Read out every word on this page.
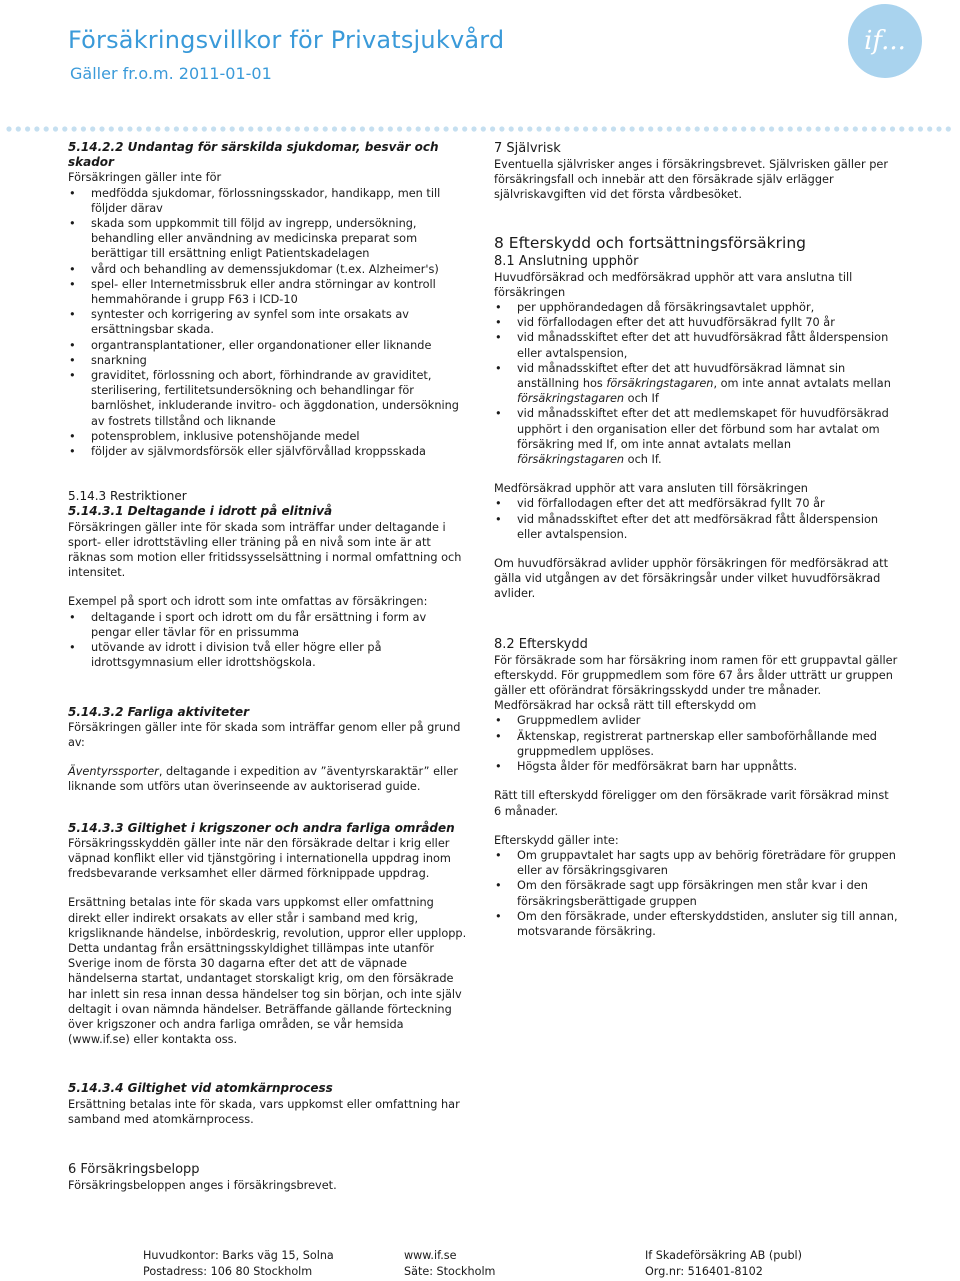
Försäkringsvillkor för Privatsjukvård
Gäller fr.o.m. 2011-01-01
if...

5.14.2.2 Undantag för särskilda sjukdomar, besvär och skador

Försäkringen gäller inte för

• medfödda sjukdomar, förlossningsskador, handikapp, men till följder därav
• skada som uppkommit till följd av ingrepp, undersökning, behandling eller användning av medicinska preparat som berättigar till ersättning enligt Patientskadelagen
• vård och behandling av demenssjukdomar (t.ex. Alzheimer's)
• spel- eller Internetmissbruk eller andra störningar av kontroll hemmahörande i grupp F63 i ICD-10
• syntester och korrigering av synfel som inte orsakats av ersättningsbar skada.
• organtransplantationer, eller organdonationer eller liknande
• snarkning
• graviditet, förlossning och abort, förhindrande av graviditet, sterilisering, fertilitetsundersökning och behandlingar för barnlöshet, inkluderande invitro- och äggdonation, undersökning av fostrets tillstånd och liknande
• potensproblem, inklusive potenshöjande medel
• följder av självmordsförsök eller självförvållad kroppsskada

5.14.3 Restriktioner

5.14.3.1 Deltagande i idrott på elitnivå

Försäkringen gäller inte för skada som inträffar under deltagande i sport- eller idrottstävling eller träning på en nivå som inte är att räknas som motion eller fritidssysselsättning i normal omfattning och intensitet.

Exempel på sport och idrott som inte omfattas av försäkringen:

• deltagande i sport och idrott om du får ersättning i form av pengar eller tävlar för en prissumma
• utövande av idrott i division två eller högre eller på idrottsgymnasium eller idrottshögskola.

5.14.3.2 Farliga aktiviteter

Försäkringen gäller inte för skada som inträffar genom eller på grund av:

Äventyrssporter, deltagande i expedition av ”äventyrskaraktär” eller liknande som utförs utan överinseende av auktoriserad guide.

5.14.3.3 Giltighet i krigszoner och andra farliga områden

Försäkringsskyddën gäller inte när den försäkrade deltar i krig eller väpnad konflikt eller vid tjänstgöring i internationella uppdrag inom fredsbevarande verksamhet eller därmed förknippade uppdrag.

Ersättning betalas inte för skada vars uppkomst eller omfattning direkt eller indirekt orsakats av eller står i samband med krig, krigsliknande händelse, inbördeskrig, revolution, uppror eller upplopp. Detta undantag från ersättningsskyldighet tillämpas inte utanför Sverige inom de första 30 dagarna efter det att de väpnade händelserna startat, undantaget storskaligt krig, om den försäkrade har inlett sin resa innan dessa händelser tog sin början, och inte själv deltagit i ovan nämnda händelser. Beträffande gällande förteckning över krigszoner och andra farliga områden, se vår hemsida (www.if.se) eller kontakta oss.

5.14.3.4 Giltighet vid atomkärnprocess

Ersättning betalas inte för skada, vars uppkomst eller omfattning har samband med atomkärnprocess.

6 Försäkringsbelopp

Försäkringsbeloppen anges i försäkringsbrevet.

7 Självrisk

Eventuella självrisker anges i försäkringsbrevet. Självrisken gäller per försäkringsfall och innebär att den försäkrade själv erlägger självriskavgiften vid det första vårdbesöket.

8 Efterskydd och fortsättningsförsäkring

8.1 Anslutning upphör

Huvudförsäkrad och medförsäkrad upphör att vara anslutna till försäkringen

• per upphörandedagen då försäkringsavtalet upphör,
• vid förfallodagen efter det att huvudförsäkrad fyllt 70 år
• vid månadsskiftet efter det att huvudförsäkrad fått ålderspension eller avtalspension,
• vid månadsskiftet efter det att huvudförsäkrad lämnat sin anställning hos försäkringstagaren, om inte annat avtalats mellan försäkringstagaren och If
• vid månadsskiftet efter det att medlemskapet för huvudförsäkrad upphört i den organisation eller det förbund som har avtalat om försäkring med If, om inte annat avtalats mellan försäkringstagaren och If.

Medförsäkrad upphör att vara ansluten till försäkringen

• vid förfallodagen efter det att medförsäkrad fyllt 70 år
• vid månadsskiftet efter det att medförsäkrad fått ålderspension eller avtalspension.

Om huvudförsäkrad avlider upphör försäkringen för medförsäkrad att gälla vid utgången av det försäkringsår under vilket huvudförsäkrad avlider.

8.2 Efterskydd

För försäkrade som har försäkring inom ramen för ett gruppavtal gäller efterskydd. För gruppmedlem som före 67 års ålder utträtt ur gruppen gäller ett oförändrat försäkringsskydd under tre månader. Medförsäkrad har också rätt till efterskydd om

• Gruppmedlem avlider
• Äktenskap, registrerat partnerskap eller samboförhållande med gruppmedlem upplöses.
• Högsta ålder för medförsäkrat barn har uppnåtts.

Rätt till efterskydd föreligger om den försäkrade varit försäkrad minst 6 månader.

Efterskydd gäller inte:

• Om gruppavtalet har sagts upp av behörig företrädare för gruppen eller av försäkringsgivaren
• Om den försäkrade sagt upp försäkringen men står kvar i den försäkringsberättigade gruppen
• Om den försäkrade, under efterskyddstiden, ansluter sig till annan, motsvarande försäkring.
Huvudkontor: Barks väg 15, Solna
Postadress: 106 80 Stockholm
www.if.se
Säte: Stockholm
If Skadeförsäkring AB (publ)
Org.nr: 516401-8102
